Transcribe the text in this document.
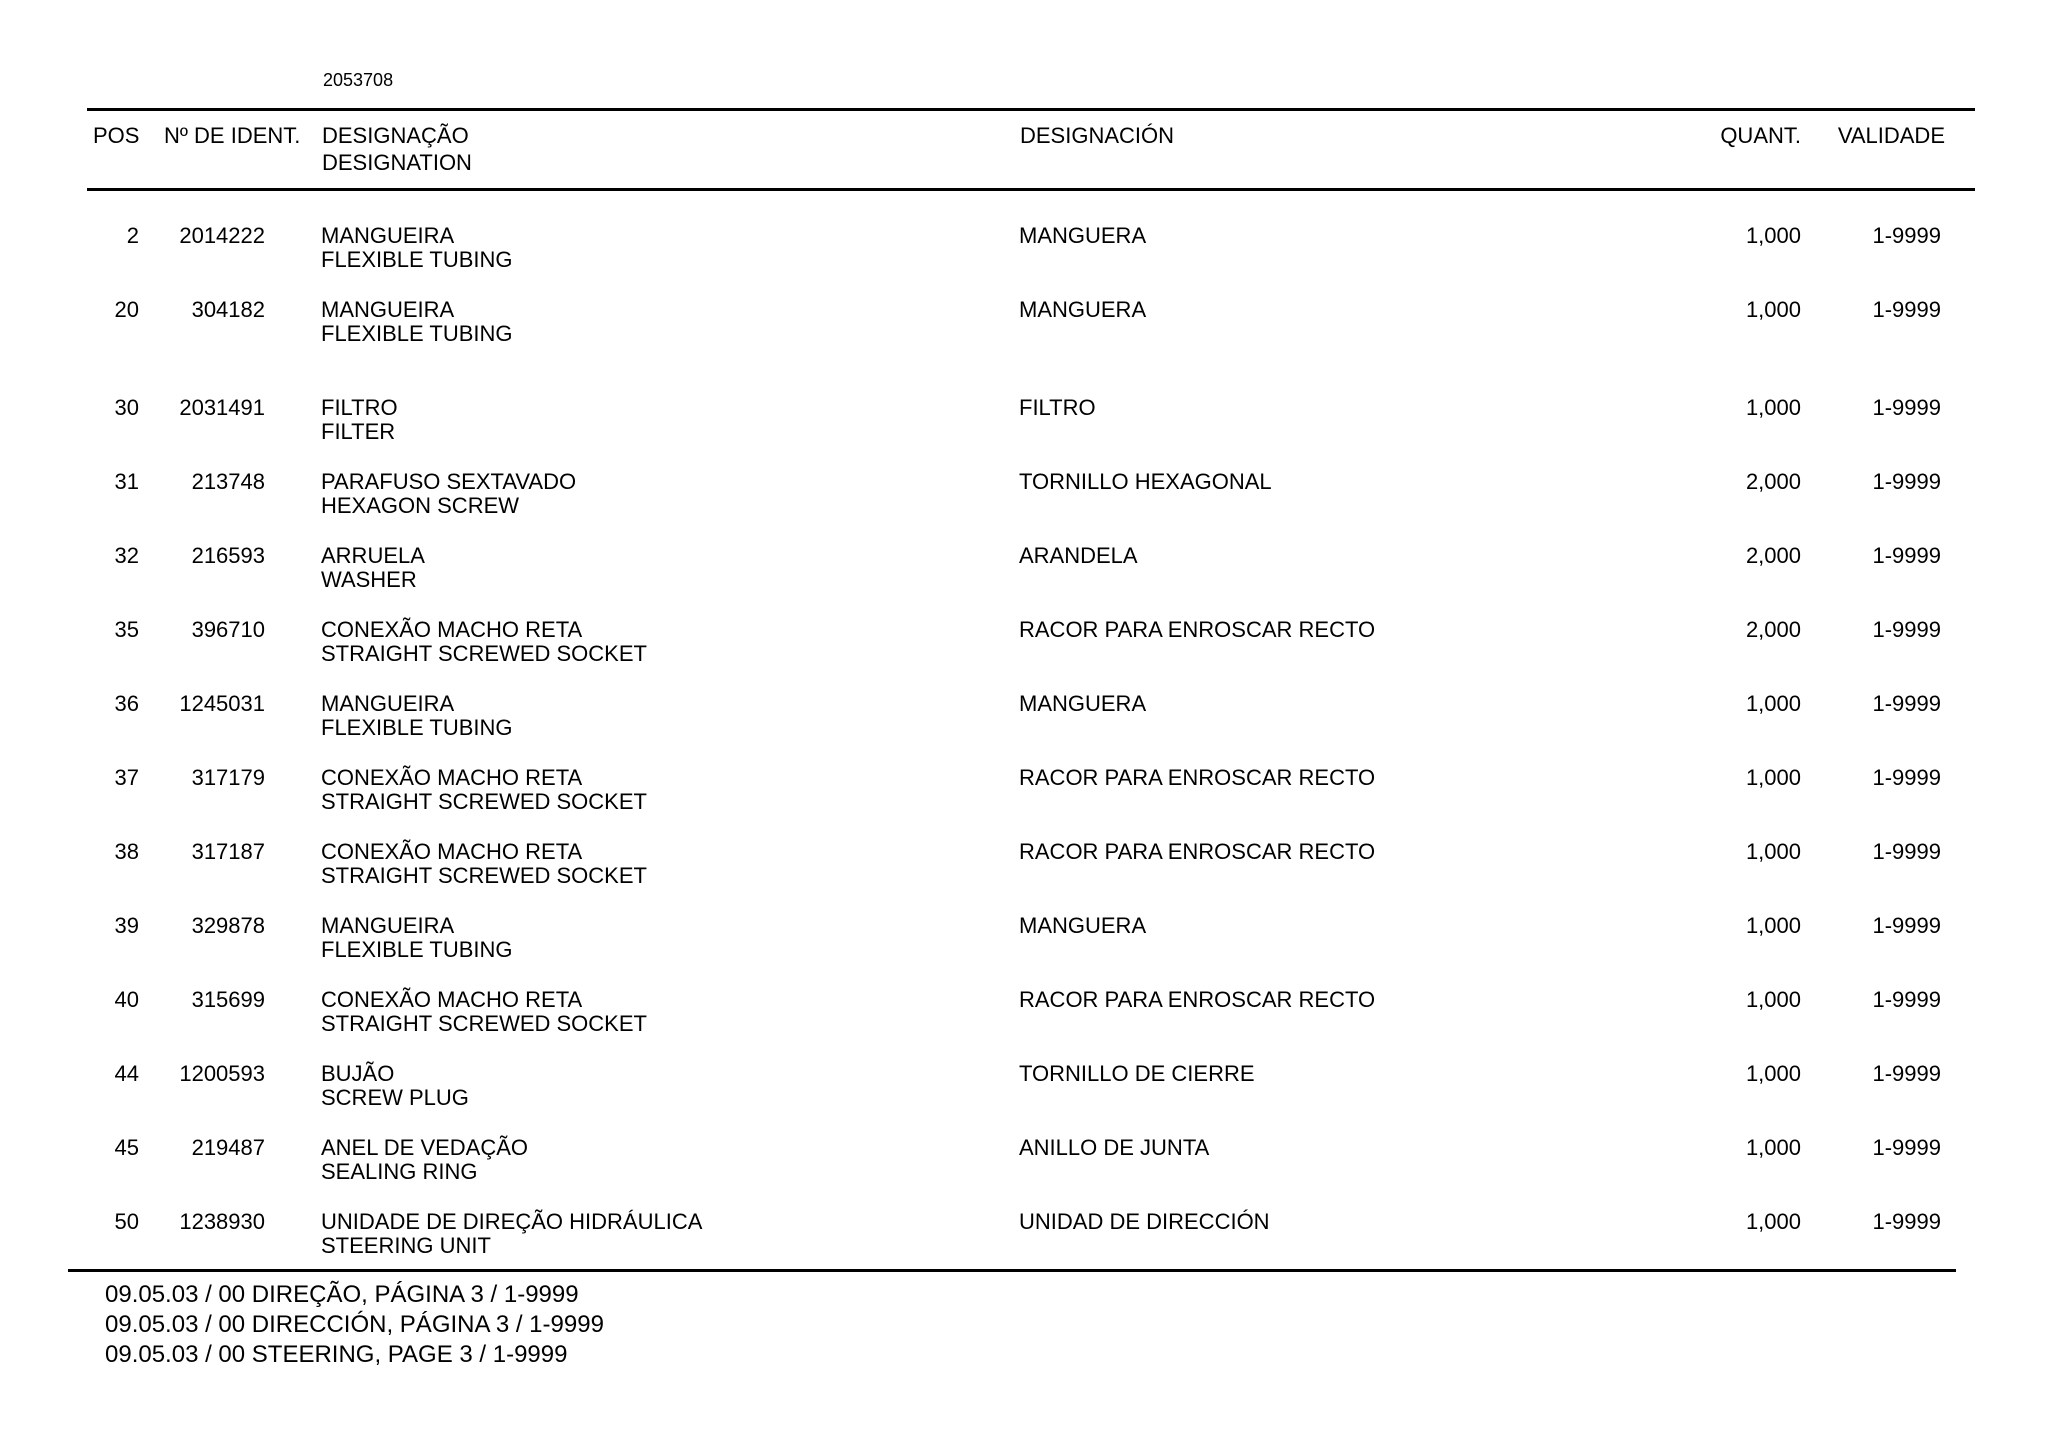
2053708
POS Nº DE IDENT. DESIGNAÇÃO
DESIGNATION
DESIGNACIÓN	QUANT. VALIDADE
2 2014222	MANGUEIRA
FLEXIBLE TUBING
MANGUERA	1,000	1-9999
20 304182	MANGUEIRA
FLEXIBLE TUBING
MANGUERA	1,000	1-9999
30 2031491	FILTRO
FILTER
FILTRO	1,000	1-9999
31 213748	PARAFUSO SEXTAVADO
HEXAGON SCREW
TORNILLO HEXAGONAL	2,000	1-9999
32 216593	ARRUELA
WASHER
ARANDELA	2,000	1-9999
35 396710	CONEXÃO MACHO RETA
STRAIGHT SCREWED SOCKET
RACOR PARA ENROSCAR RECTO	2,000	1-9999
36 1245031	MANGUEIRA
FLEXIBLE TUBING
MANGUERA	1,000	1-9999
37 317179	CONEXÃO MACHO RETA
STRAIGHT SCREWED SOCKET
RACOR PARA ENROSCAR RECTO	1,000	1-9999
38 317187	CONEXÃO MACHO RETA
STRAIGHT SCREWED SOCKET
RACOR PARA ENROSCAR RECTO	1,000	1-9999
39 329878	MANGUEIRA
FLEXIBLE TUBING
MANGUERA	1,000	1-9999
40 315699	CONEXÃO MACHO RETA
STRAIGHT SCREWED SOCKET
RACOR PARA ENROSCAR RECTO	1,000	1-9999
44 1200593	BUJÃO
SCREW PLUG
TORNILLO DE CIERRE	1,000	1-9999
45 219487	ANEL DE VEDAÇÃO
SEALING RING
ANILLO DE JUNTA	1,000	1-9999
50 1238930	UNIDADE DE DIREÇÃO HIDRÁULICA
STEERING UNIT
UNIDAD DE DIRECCIÓN	1,000	1-9999
09.05.03 / 00 DIREÇÃO, PÁGINA 3 / 1-9999
09.05.03 / 00 DIRECCIÓN, PÁGINA 3 / 1-9999
09.05.03 / 00 STEERING, PAGE 3 / 1-9999
